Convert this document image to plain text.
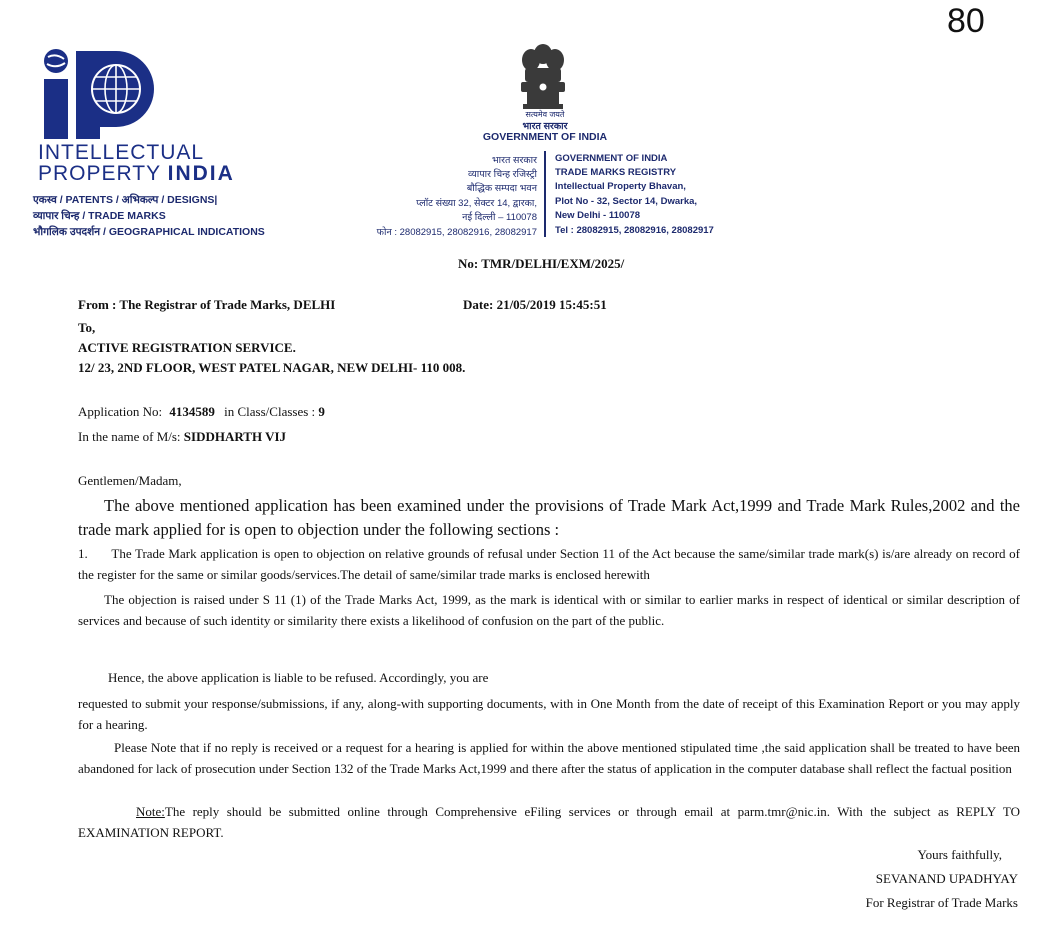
80
INTELLECTUAL
PROPERTY INDIA
एकस्व / PATENTS / अभिकल्प / DESIGNS|
व्यापार चिन्ह / TRADE MARKS
भौगलिक उपदर्शन / GEOGRAPHICAL INDICATIONS
सत्यमेव जयते
भारत सरकार
GOVERNMENT OF INDIA
भारत सरकार
व्यापार चिन्ह रजिस्ट्री
बौद्धिक सम्पदा भवन
प्लॉट संख्या 32, सेक्टर 14, द्वारका,
नई दिल्ली – 110078
फोन : 28082915, 28082916, 28082917
GOVERNMENT OF INDIA
TRADE MARKS REGISTRY
Intellectual Property Bhavan,
Plot No - 32, Sector 14, Dwarka,
New Delhi - 110078
Tel : 28082915, 28082916, 28082917
No: TMR/DELHI/EXM/2025/
From : The Registrar of Trade Marks, DELHI	Date: 21/05/2019 15:45:51
To,
ACTIVE REGISTRATION SERVICE.
12/ 23, 2ND FLOOR, WEST PATEL NAGAR, NEW DELHI- 110 008.
Application No: 4134589 in Class/Classes : 9
In the name of M/s: SIDDHARTH VIJ
Gentlemen/Madam,
The above mentioned application has been examined under the provisions of Trade Mark Act,1999 and Trade Mark Rules,2002 and the trade mark applied for is open to objection under the following sections :
1. The Trade Mark application is open to objection on relative grounds of refusal under Section 11 of the Act because the same/similar trade mark(s) is/are already on record of the register for the same or similar goods/services.The detail of same/similar trade marks is enclosed herewith
The objection is raised under S 11 (1) of the Trade Marks Act, 1999, as the mark is identical with or similar to earlier marks in respect of identical or similar description of services and because of such identity or similarity there exists a likelihood of confusion on the part of the public.
Hence, the above application is liable to be refused. Accordingly, you are
requested to submit your response/submissions, if any, along-with supporting documents, with in One Month from the date of receipt of this Examination Report or you may apply for a hearing.
Please Note that if no reply is received or a request for a hearing is applied for within the above mentioned stipulated time ,the said application shall be treated to have been abandoned for lack of prosecution under Section 132 of the Trade Marks Act,1999 and there after the status of application in the computer database shall reflect the factual position
Note:The reply should be submitted online through Comprehensive eFiling services or through email at parm.tmr@nic.in. With the subject as REPLY TO EXAMINATION REPORT.
Yours faithfully,
SEVANAND UPADHYAY
For Registrar of Trade Marks
